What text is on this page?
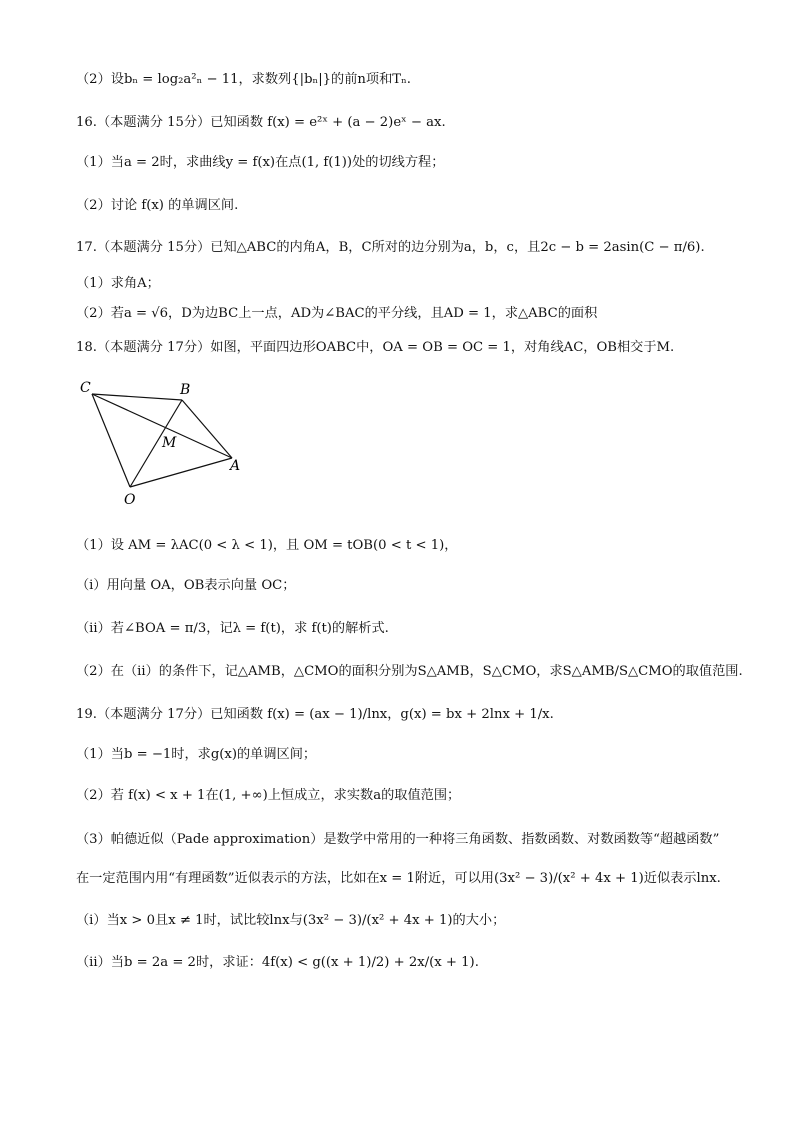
（2）设bₙ = log₂a²ₙ − 11，求数列{|bₙ|}的前n项和Tₙ.
16.（本题满分 15分）已知函数 f(x) = e²ˣ + (a − 2)eˣ − ax.
（1）当a = 2时，求曲线y = f(x)在点(1, f(1))处的切线方程；
（2）讨论 f(x) 的单调区间.
17.（本题满分 15分）已知△ABC的内角A，B，C所对的边分别为a，b，c，且2c − b = 2asin(C − π/6).
（1）求角A；
（2）若a = √6，D为边BC上一点，AD为∠BAC的平分线，且AD = 1，求△ABC的面积
18.（本题满分 17分）如图，平面四边形OABC中，OA = OB = OC = 1，对角线AC，OB相交于M.
C	B
M
A
O
（1）设 AM = λAC(0 < λ < 1)，且 OM = tOB(0 < t < 1)，
（ⅰ）用向量 OA，OB表示向量 OC；
（ⅱ）若∠BOA = π/3，记λ = f(t)，求 f(t)的解析式.
（2）在（ⅱ）的条件下，记△AMB，△CMO的面积分别为S△AMB，S△CMO，求S△AMB/S△CMO的取值范围.
19.（本题满分 17分）已知函数 f(x) = (ax − 1)/lnx，g(x) = bx + 2lnx + 1/x.
（1）当b = −1时，求g(x)的单调区间；
（2）若 f(x) < x + 1在(1, +∞)上恒成立，求实数a的取值范围；
（3）帕德近似（Pade approximation）是数学中常用的一种将三角函数、指数函数、对数函数等“超越函数”
在一定范围内用“有理函数”近似表示的方法，比如在x = 1附近，可以用(3x² − 3)/(x² + 4x + 1)近似表示lnx.
（ⅰ）当x > 0且x ≠ 1时，试比较lnx与(3x² − 3)/(x² + 4x + 1)的大小；
（ⅱ）当b = 2a = 2时，求证：4f(x) < g((x + 1)/2) + 2x/(x + 1).
